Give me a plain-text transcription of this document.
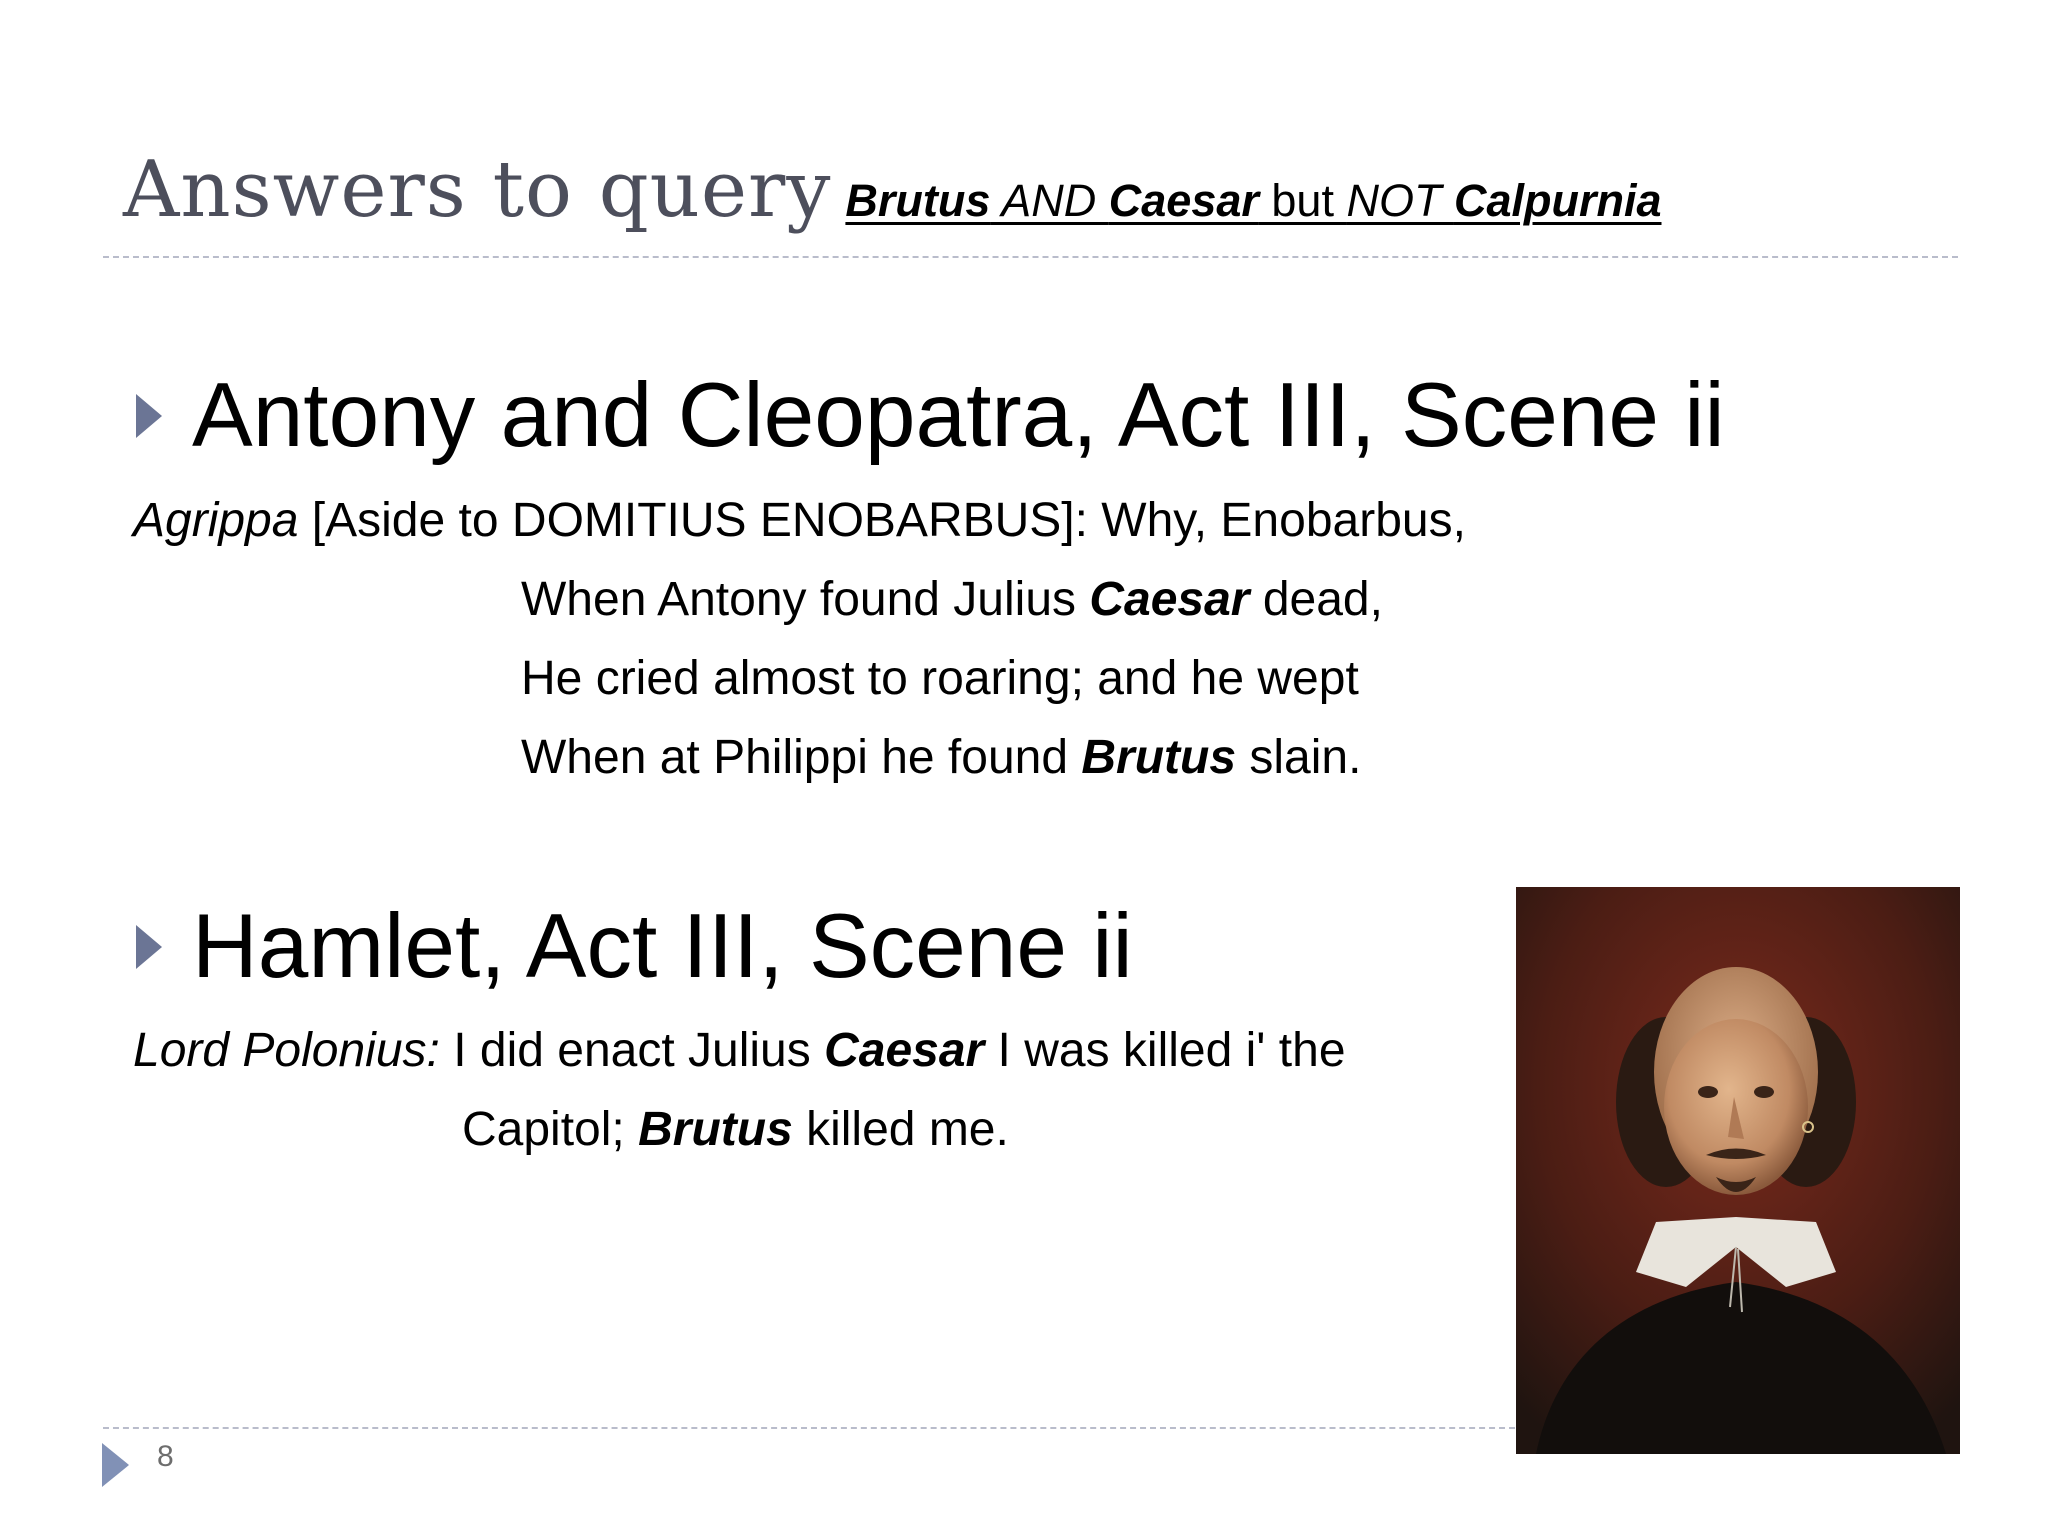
Answers to query Brutus AND Caesar but NOT Calpurnia
Antony and Cleopatra, Act III, Scene ii
Agrippa [Aside to DOMITIUS ENOBARBUS]: Why, Enobarbus,
When Antony found Julius Caesar dead,
He cried almost to roaring; and he wept
When at Philippi he found Brutus slain.
Hamlet, Act III, Scene ii
Lord Polonius: I did enact Julius Caesar I was killed i' the
Capitol; Brutus killed me.
8
